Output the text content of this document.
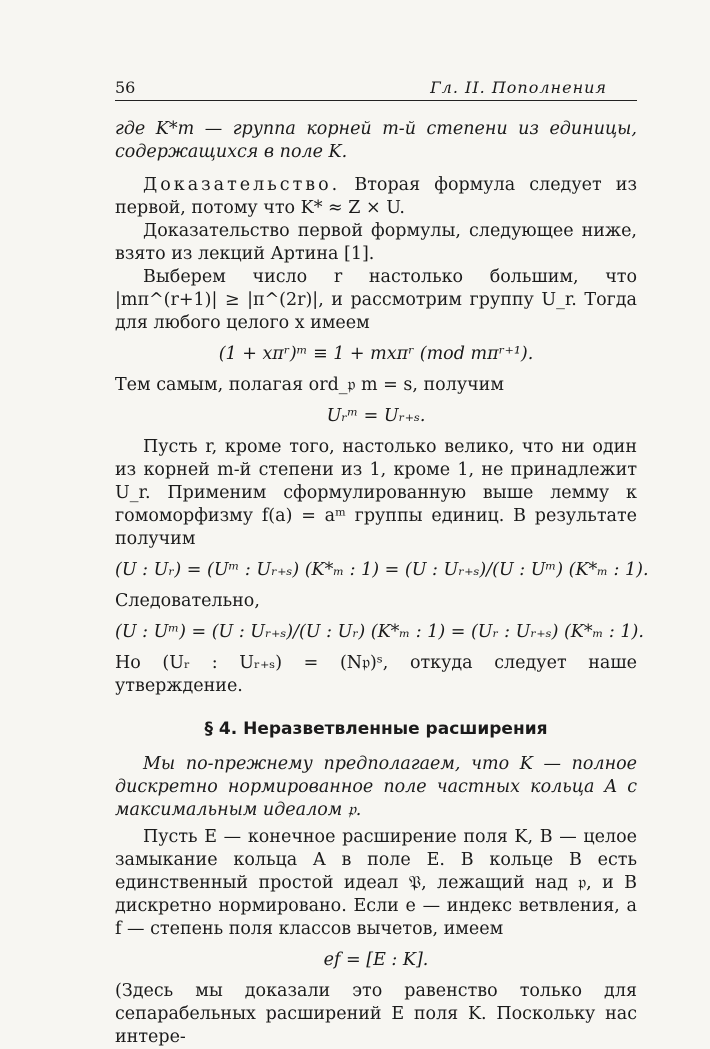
56	Гл. II. Пополнения

где K*m — группа корней m-й степени из единицы, содержащихся в поле K.

Доказательство. Вторая формула следует из первой, потому что K* ≈ Z × U.

Доказательство первой формулы, следующее ниже, взято из лекций Артина [1].

Выберем число r настолько большим, что |mπ^(r+1)| ≥ |π^(2r)|, и рассмотрим группу U_r. Тогда для любого целого x имеем

(1 + xπʳ)ᵐ ≡ 1 + mxπʳ (mod mπʳ⁺¹).

Тем самым, полагая ord_𝔭 m = s, получим

Uᵣᵐ = Uᵣ₊ₛ.

Пусть r, кроме того, настолько велико, что ни один из корней m-й степени из 1, кроме 1, не принадлежит U_r. Применим сформулированную выше лемму к гомоморфизму f(a) = aᵐ группы единиц. В результате получим

(U : Uᵣ) = (Uᵐ : Uᵣ₊ₛ) (K*ₘ : 1) = (U : Uᵣ₊ₛ)/(U : Uᵐ) (K*ₘ : 1).

Следовательно,

(U : Uᵐ) = (U : Uᵣ₊ₛ)/(U : Uᵣ) (K*ₘ : 1) = (Uᵣ : Uᵣ₊ₛ) (K*ₘ : 1).

Но (Uᵣ : Uᵣ₊ₛ) = (N𝔭)ˢ, откуда следует наше утверждение.

§ 4. Неразветвленные расширения

Мы по-прежнему предполагаем, что K — полное дискретно нормированное поле частных кольца A с максимальным идеалом 𝔭.

Пусть E — конечное расширение поля K, B — целое замыкание кольца A в поле E. В кольце B есть единственный простой идеал 𝔓, лежащий над 𝔭, и B дискретно нормировано. Если e — индекс ветвления, а f — степень поля классов вычетов, имеем

ef = [E : K].

(Здесь мы доказали это равенство только для сепарабельных расширений E поля K. Поскольку нас интере-
